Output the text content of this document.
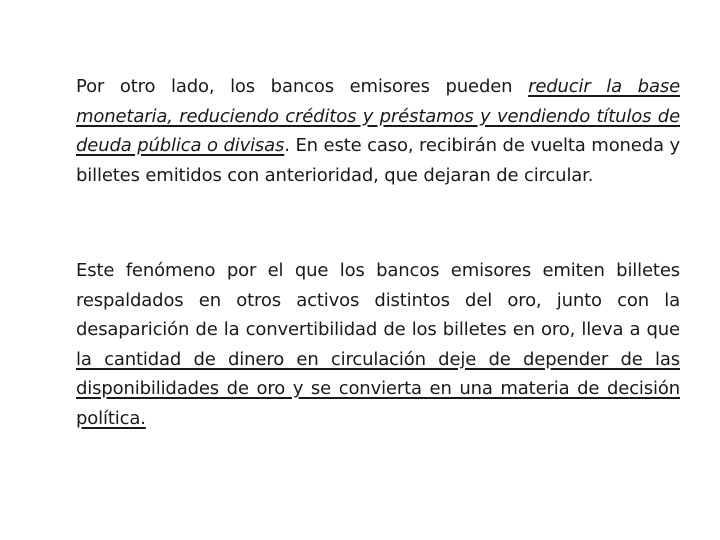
Por otro lado, los bancos emisores pueden reducir la base monetaria, reduciendo créditos y préstamos y vendiendo títulos de deuda pública o divisas. En este caso, recibirán de vuelta moneda y billetes emitidos con anterioridad, que dejaran de circular.

Este fenómeno por el que los bancos emisores emiten billetes respaldados en otros activos distintos del oro, junto con la desaparición de la convertibilidad de los billetes en oro, lleva a que la cantidad de dinero en circulación deje de depender de las disponibilidades de oro y se convierta en una materia de decisión política.
